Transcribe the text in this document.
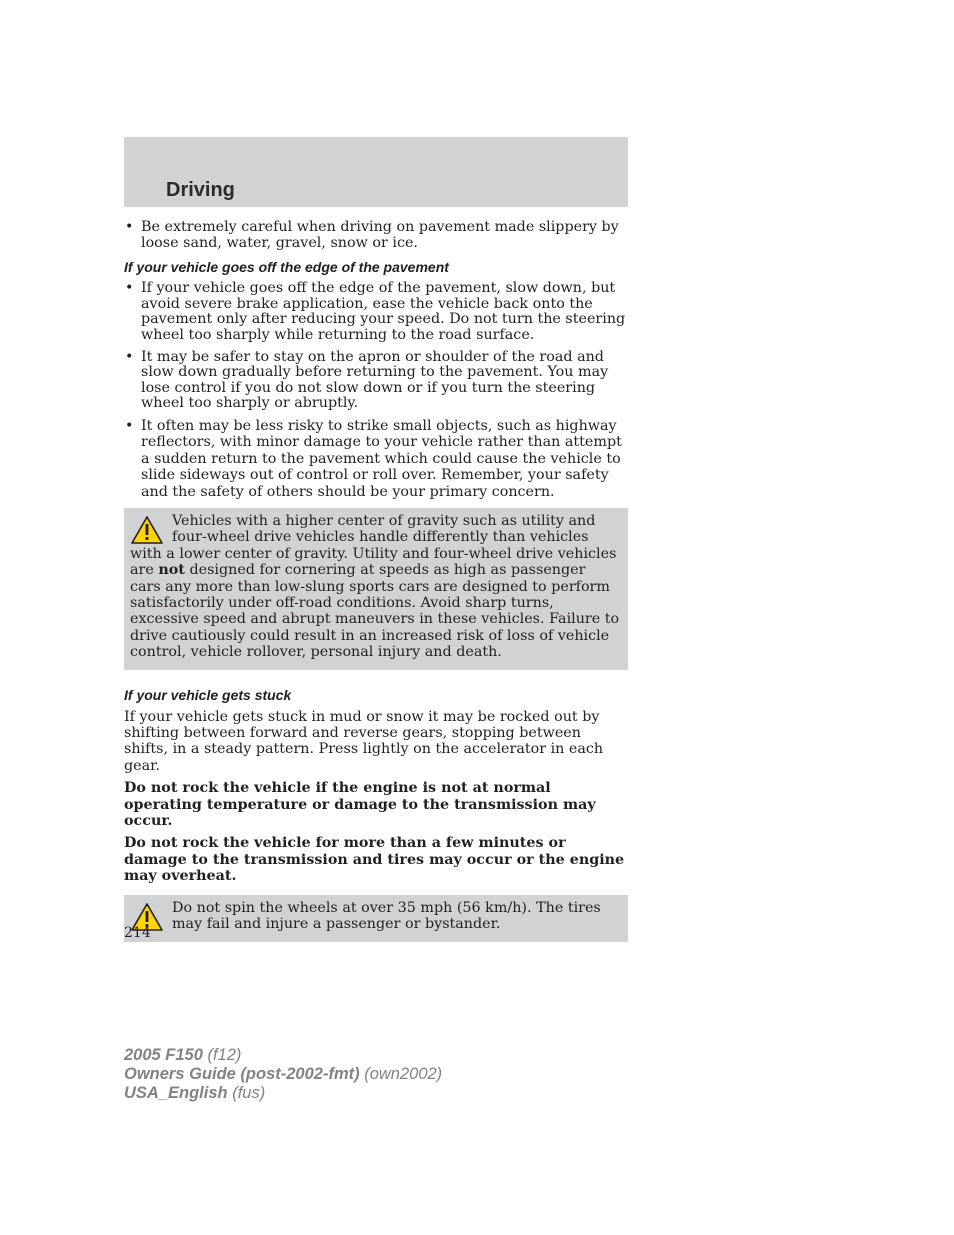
Driving
• Be extremely careful when driving on pavement made slippery by loose sand, water, gravel, snow or ice.
If your vehicle goes off the edge of the pavement
• If your vehicle goes off the edge of the pavement, slow down, but avoid severe brake application, ease the vehicle back onto the pavement only after reducing your speed. Do not turn the steering wheel too sharply while returning to the road surface.
• It may be safer to stay on the apron or shoulder of the road and slow down gradually before returning to the pavement. You may lose control if you do not slow down or if you turn the steering wheel too sharply or abruptly.
• It often may be less risky to strike small objects, such as highway reflectors, with minor damage to your vehicle rather than attempt a sudden return to the pavement which could cause the vehicle to slide sideways out of control or roll over. Remember, your safety and the safety of others should be your primary concern.

Vehicles with a higher center of gravity such as utility and four-wheel drive vehicles handle differently than vehicles with a lower center of gravity. Utility and four-wheel drive vehicles are not designed for cornering at speeds as high as passenger cars any more than low-slung sports cars are designed to perform satisfactorily under off-road conditions. Avoid sharp turns, excessive speed and abrupt maneuvers in these vehicles. Failure to drive cautiously could result in an increased risk of loss of vehicle control, vehicle rollover, personal injury and death.

If your vehicle gets stuck

If your vehicle gets stuck in mud or snow it may be rocked out by shifting between forward and reverse gears, stopping between shifts, in a steady pattern. Press lightly on the accelerator in each gear.

Do not rock the vehicle if the engine is not at normal operating temperature or damage to the transmission may occur.

Do not rock the vehicle for more than a few minutes or damage to the transmission and tires may occur or the engine may overheat.

Do not spin the wheels at over 35 mph (56 km/h). The tires may fail and injure a passenger or bystander.

214

2005 F150 (f12)
Owners Guide (post-2002-fmt) (own2002)
USA_English (fus)
